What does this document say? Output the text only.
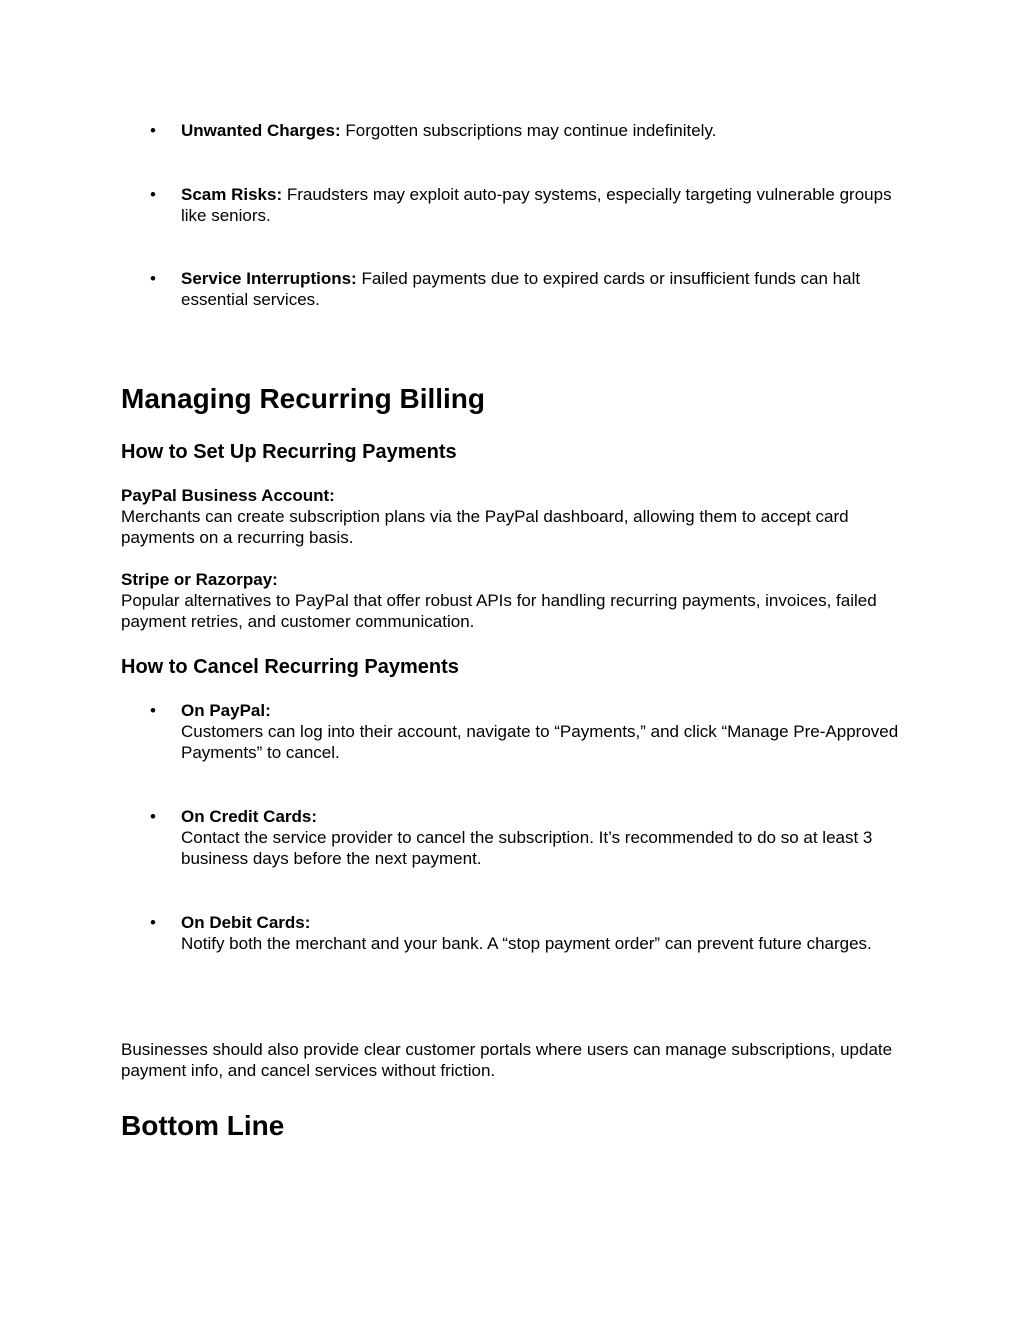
• Unwanted Charges: Forgotten subscriptions may continue indefinitely.
• Scam Risks: Fraudsters may exploit auto-pay systems, especially targeting vulnerable groups like seniors.
• Service Interruptions: Failed payments due to expired cards or insufficient funds can halt essential services.
Managing Recurring Billing
How to Set Up Recurring Payments
PayPal Business Account:
Merchants can create subscription plans via the PayPal dashboard, allowing them to accept card payments on a recurring basis.
Stripe or Razorpay:
Popular alternatives to PayPal that offer robust APIs for handling recurring payments, invoices, failed payment retries, and customer communication.
How to Cancel Recurring Payments
• On PayPal:
Customers can log into their account, navigate to “Payments,” and click “Manage Pre-Approved Payments” to cancel.
• On Credit Cards:
Contact the service provider to cancel the subscription. It’s recommended to do so at least 3 business days before the next payment.
• On Debit Cards:
Notify both the merchant and your bank. A “stop payment order” can prevent future charges.
Businesses should also provide clear customer portals where users can manage subscriptions, update payment info, and cancel services without friction.
Bottom Line
